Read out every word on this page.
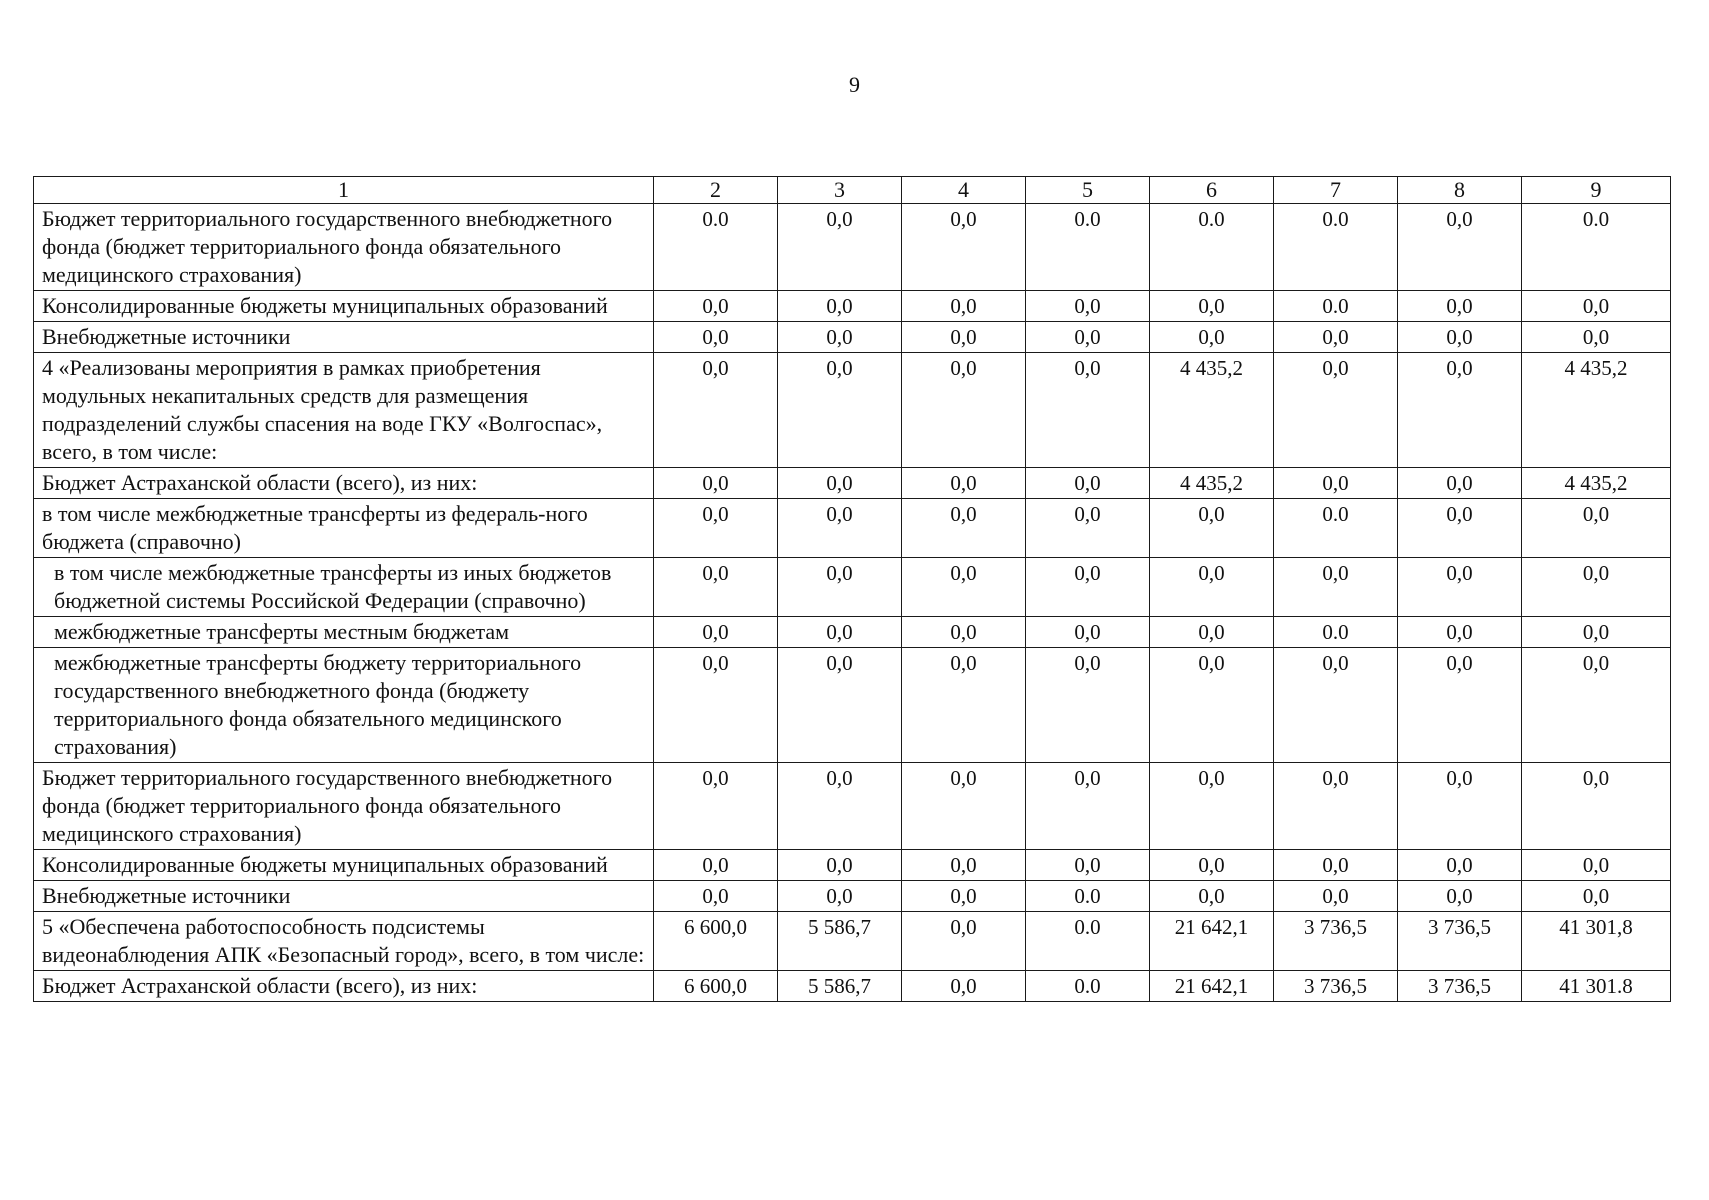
9
1	2	3	4	5	6	7	8	9
Бюджет территориального государственного внебюджетного фонда (бюджет территориального фонда обязательного медицинского страхования)	0.0	0,0	0,0	0.0	0.0	0.0	0,0	0.0
Консолидированные бюджеты муниципальных образований	0,0	0,0	0,0	0,0	0,0	0.0	0,0	0,0
Внебюджетные источники	0,0	0,0	0,0	0,0	0,0	0,0	0,0	0,0
4 «Реализованы мероприятия в рамках приобретения модульных некапитальных средств для размещения подразделений службы спасения на воде ГКУ «Волгоспас», всего, в том числе:	0,0	0,0	0,0	0,0	4 435,2	0,0	0,0	4 435,2
Бюджет Астраханской области (всего), из них:	0,0	0,0	0,0	0,0	4 435,2	0,0	0,0	4 435,2
в том числе межбюджетные трансферты из федераль-ного бюджета (справочно)	0,0	0,0	0,0	0,0	0,0	0.0	0,0	0,0
в том числе межбюджетные трансферты из иных бюджетов бюджетной системы Российской Федерации (справочно)	0,0	0,0	0,0	0,0	0,0	0,0	0,0	0,0
межбюджетные трансферты местным бюджетам	0,0	0,0	0,0	0,0	0,0	0.0	0,0	0,0
межбюджетные трансферты бюджету территориального государственного внебюджетного фонда (бюджету территориального фонда обязательного медицинского страхования)	0,0	0,0	0,0	0,0	0,0	0,0	0,0	0,0
Бюджет территориального государственного внебюджетного фонда (бюджет территориального фонда обязательного медицинского страхования)	0,0	0,0	0,0	0,0	0,0	0,0	0,0	0,0
Консолидированные бюджеты муниципальных образований	0,0	0,0	0,0	0,0	0,0	0,0	0,0	0,0
Внебюджетные источники	0,0	0,0	0,0	0.0	0,0	0,0	0,0	0,0
5 «Обеспечена работоспособность подсистемы видеонаблюдения АПК «Безопасный город», всего, в том числе:	6 600,0	5 586,7	0,0	0.0	21 642,1	3 736,5	3 736,5	41 301,8
Бюджет Астраханской области (всего), из них:	6 600,0	5 586,7	0,0	0.0	21 642,1	3 736,5	3 736,5	41 301.8
